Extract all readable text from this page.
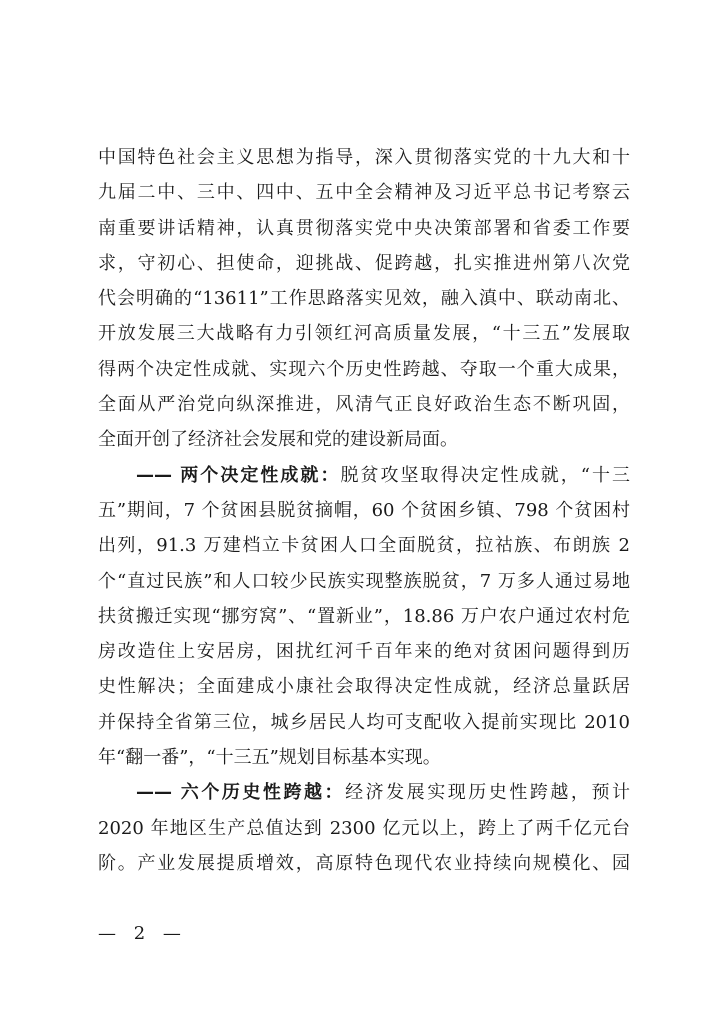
中国特色社会主义思想为指导，深入贯彻落实党的十九大和十
九届二中、三中、四中、五中全会精神及习近平总书记考察云
南重要讲话精神，认真贯彻落实党中央决策部署和省委工作要
求，守初心、担使命，迎挑战、促跨越，扎实推进州第八次党
代会明确的“13611”工作思路落实见效，融入滇中、联动南北、
开放发展三大战略有力引领红河高质量发展，“十三五”发展取
得两个决定性成就、实现六个历史性跨越、夺取一个重大成果，
全面从严治党向纵深推进，风清气正良好政治生态不断巩固，
全面开创了经济社会发展和党的建设新局面。
—— 两个决定性成就：脱贫攻坚取得决定性成就，“十三
五”期间，7 个贫困县脱贫摘帽，60 个贫困乡镇、798 个贫困村
出列，91.3 万建档立卡贫困人口全面脱贫，拉祜族、布朗族 2
个“直过民族”和人口较少民族实现整族脱贫，7 万多人通过易地
扶贫搬迁实现“挪穷窝”、“置新业”，18.86 万户农户通过农村危
房改造住上安居房，困扰红河千百年来的绝对贫困问题得到历
史性解决；全面建成小康社会取得决定性成就，经济总量跃居
并保持全省第三位，城乡居民人均可支配收入提前实现比 2010
年“翻一番”，“十三五”规划目标基本实现。
—— 六个历史性跨越：经济发展实现历史性跨越，预计
2020 年地区生产总值达到 2300 亿元以上，跨上了两千亿元台
阶。产业发展提质增效，高原特色现代农业持续向规模化、园
— 2 —
